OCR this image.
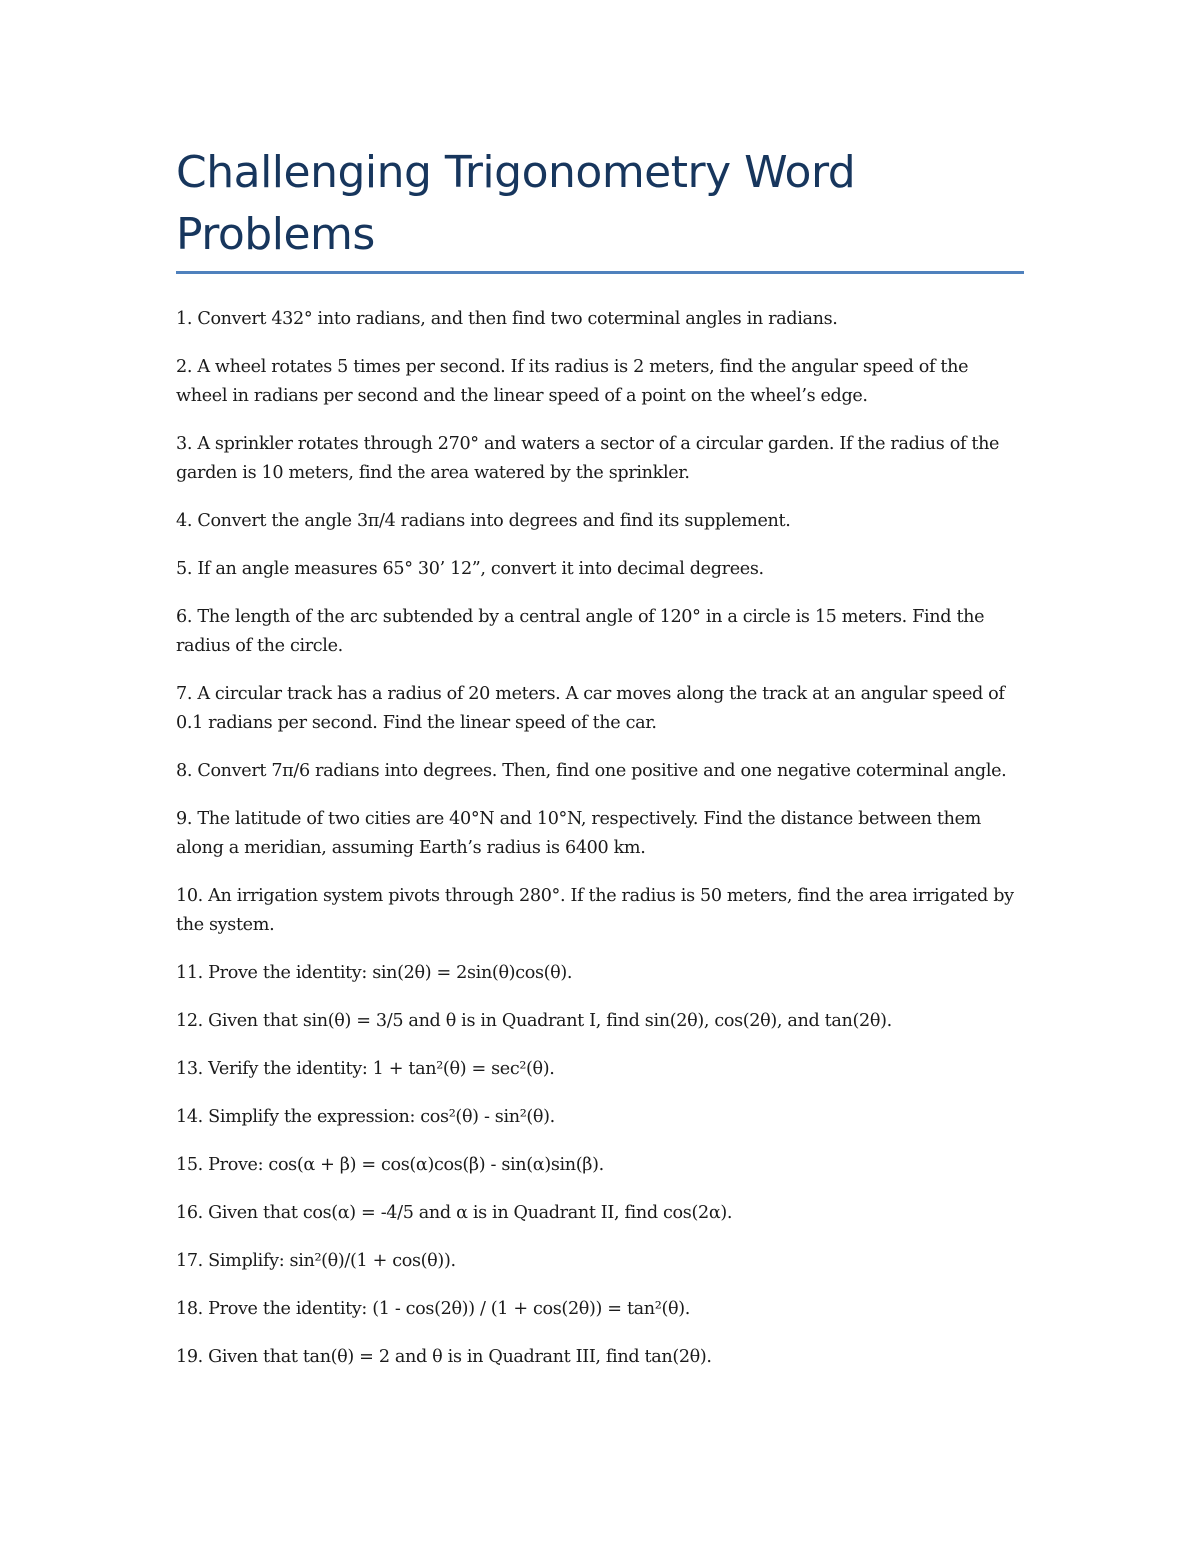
Challenging Trigonometry Word Problems
1. Convert 432° into radians, and then find two coterminal angles in radians.
2. A wheel rotates 5 times per second. If its radius is 2 meters, find the angular speed of the wheel in radians per second and the linear speed of a point on the wheel’s edge.
3. A sprinkler rotates through 270° and waters a sector of a circular garden. If the radius of the garden is 10 meters, find the area watered by the sprinkler.
4. Convert the angle 3π/4 radians into degrees and find its supplement.
5. If an angle measures 65° 30’ 12”, convert it into decimal degrees.
6. The length of the arc subtended by a central angle of 120° in a circle is 15 meters. Find the radius of the circle.
7. A circular track has a radius of 20 meters. A car moves along the track at an angular speed of 0.1 radians per second. Find the linear speed of the car.
8. Convert 7π/6 radians into degrees. Then, find one positive and one negative coterminal angle.
9. The latitude of two cities are 40°N and 10°N, respectively. Find the distance between them along a meridian, assuming Earth’s radius is 6400 km.
10. An irrigation system pivots through 280°. If the radius is 50 meters, find the area irrigated by the system.
11. Prove the identity: sin(2θ) = 2sin(θ)cos(θ).
12. Given that sin(θ) = 3/5 and θ is in Quadrant I, find sin(2θ), cos(2θ), and tan(2θ).
13. Verify the identity: 1 + tan²(θ) = sec²(θ).
14. Simplify the expression: cos²(θ) - sin²(θ).
15. Prove: cos(α + β) = cos(α)cos(β) - sin(α)sin(β).
16. Given that cos(α) = -4/5 and α is in Quadrant II, find cos(2α).
17. Simplify: sin²(θ)/(1 + cos(θ)).
18. Prove the identity: (1 - cos(2θ)) / (1 + cos(2θ)) = tan²(θ).
19. Given that tan(θ) = 2 and θ is in Quadrant III, find tan(2θ).
